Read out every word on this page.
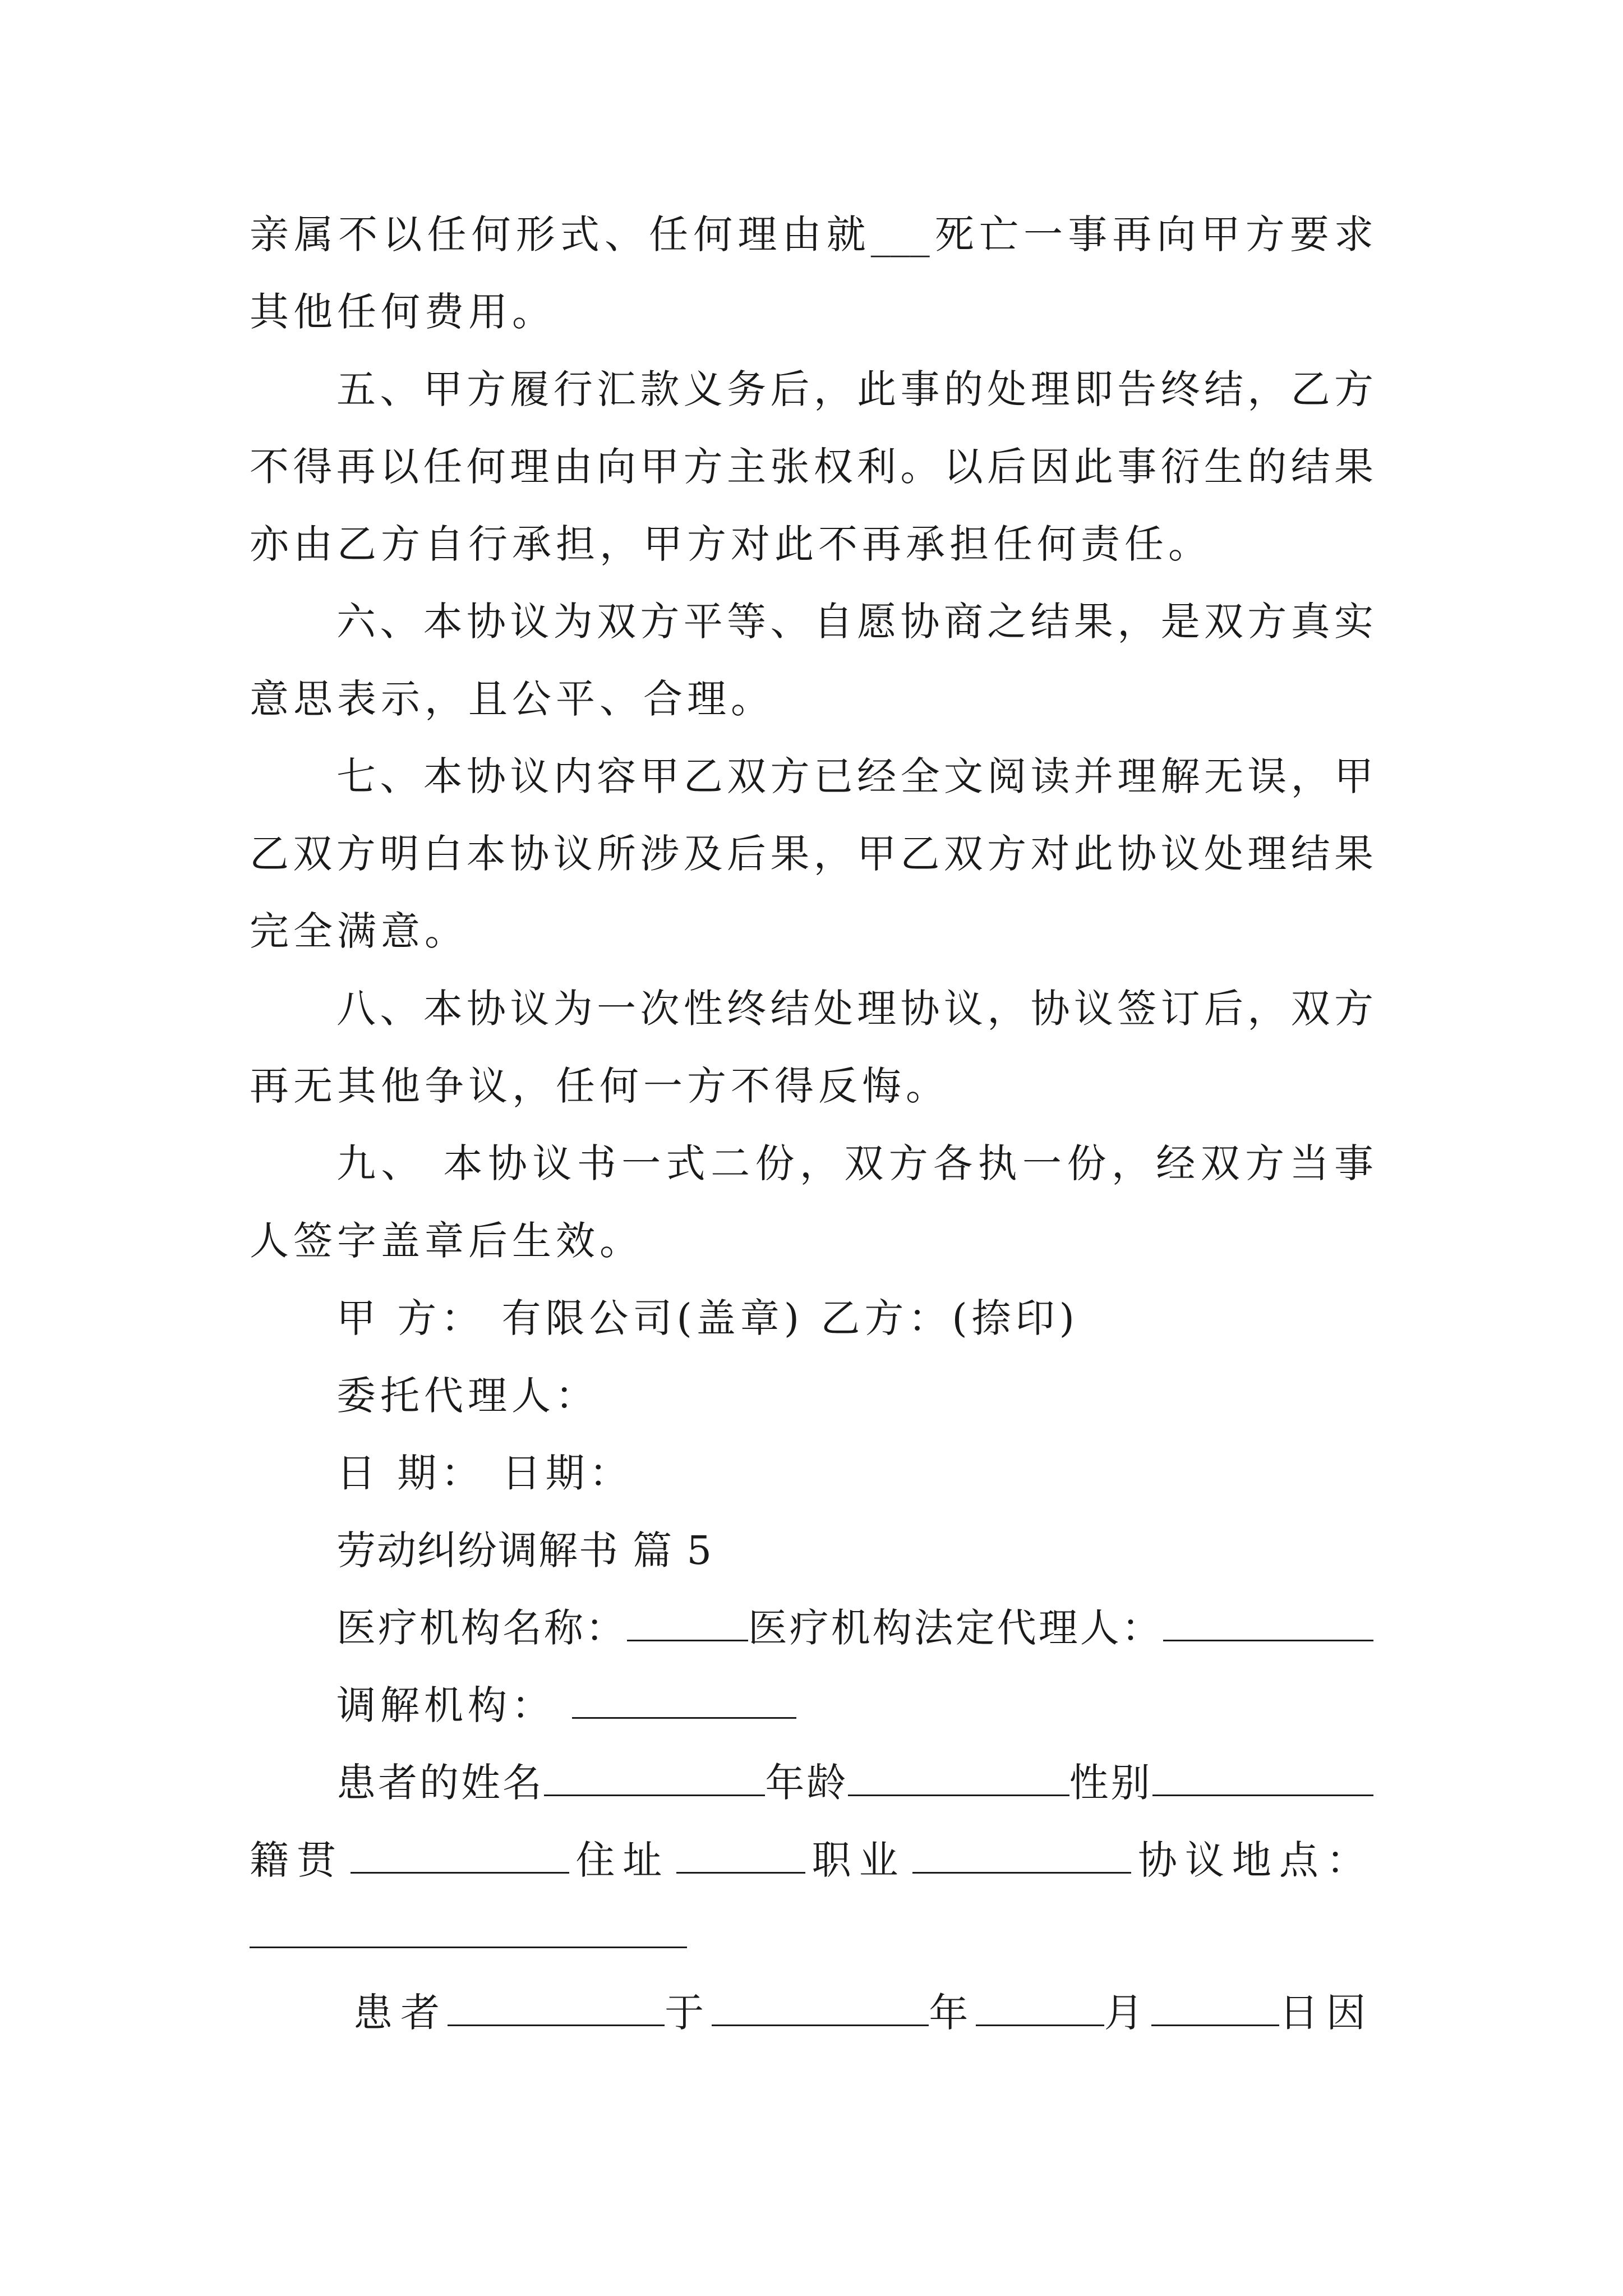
亲属不以任何形式、任何理由就___死亡一事再向甲方要求
其他任何费用。
五、甲方履行汇款义务后，此事的处理即告终结，乙方
不得再以任何理由向甲方主张权利。以后因此事衍生的结果
亦由乙方自行承担，甲方对此不再承担任何责任。
六、本协议为双方平等、自愿协商之结果，是双方真实
意思表示，且公平、合理。
七、本协议内容甲乙双方已经全文阅读并理解无误，甲
乙双方明白本协议所涉及后果，甲乙双方对此协议处理结果
完全满意。
八、本协议为一次性终结处理协议，协议签订后，双方
再无其他争议，任何一方不得反悔。
九、 本协议书一式二份，双方各执一份，经双方当事
人签字盖章后生效。
甲 方： 有限公司(盖章) 乙方：(捺印)
委托代理人：
日 期： 日期：
劳动纠纷调解书 篇 5
医疗机构名称：	医疗机构法定代理人：
调解机构：
患者的姓名	年龄	性别
籍贯	住址	职业	协议地点：
患者	于	年	月	日因
